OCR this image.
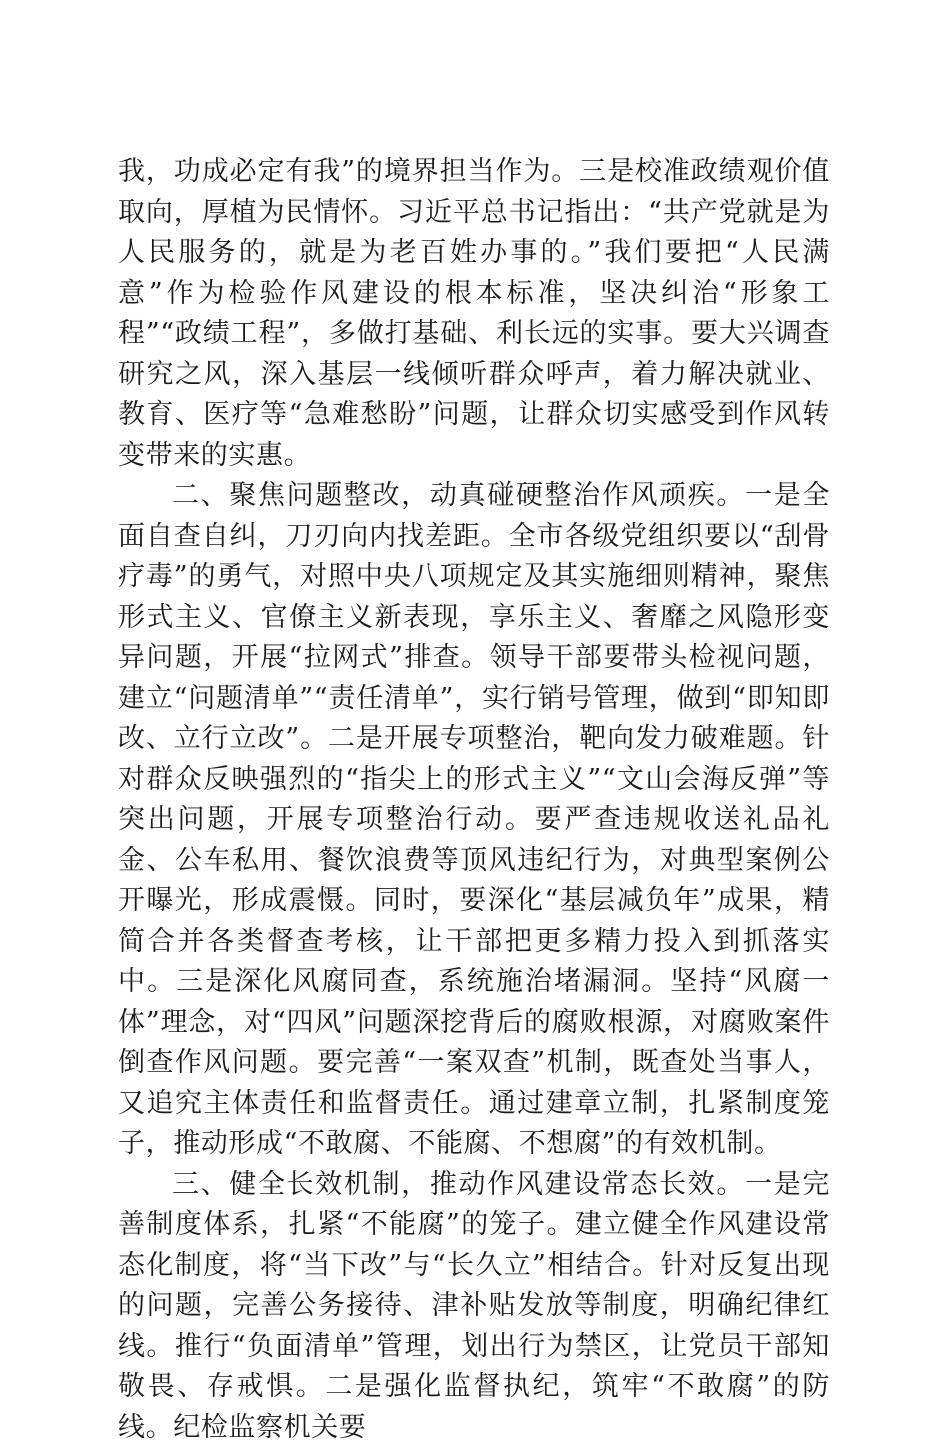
我，功成必定有我”的境界担当作为。三是校准政绩观价值取向，厚植为民情怀。习近平总书记指出：“共产党就是为人民服务的，就是为老百姓办事的。”我们要把“人民满意”作为检验作风建设的根本标准，坚决纠治“形象工程”“政绩工程”，多做打基础、利长远的实事。要大兴调查研究之风，深入基层一线倾听群众呼声，着力解决就业、教育、医疗等“急难愁盼”问题，让群众切实感受到作风转变带来的实惠。

二、聚焦问题整改，动真碰硬整治作风顽疾。一是全面自查自纠，刀刃向内找差距。全市各级党组织要以“刮骨疗毒”的勇气，对照中央八项规定及其实施细则精神，聚焦形式主义、官僚主义新表现，享乐主义、奢靡之风隐形变异问题，开展“拉网式”排查。领导干部要带头检视问题，建立“问题清单”“责任清单”，实行销号管理，做到“即知即改、立行立改”。二是开展专项整治，靶向发力破难题。针对群众反映强烈的“指尖上的形式主义”“文山会海反弹”等突出问题，开展专项整治行动。要严查违规收送礼品礼金、公车私用、餐饮浪费等顶风违纪行为，对典型案例公开曝光，形成震慑。同时，要深化“基层减负年”成果，精简合并各类督查考核，让干部把更多精力投入到抓落实中。三是深化风腐同查，系统施治堵漏洞。坚持“风腐一体”理念，对“四风”问题深挖背后的腐败根源，对腐败案件倒查作风问题。要完善“一案双查”机制，既查处当事人，又追究主体责任和监督责任。通过建章立制，扎紧制度笼子，推动形成“不敢腐、不能腐、不想腐”的有效机制。

三、健全长效机制，推动作风建设常态长效。一是完善制度体系，扎紧“不能腐”的笼子。建立健全作风建设常态化制度，将“当下改”与“长久立”相结合。针对反复出现的问题，完善公务接待、津补贴发放等制度，明确纪律红线。推行“负面清单”管理，划出行为禁区，让党员干部知敬畏、存戒惧。二是强化监督执纪，筑牢“不敢腐”的防线。纪检监察机关要
